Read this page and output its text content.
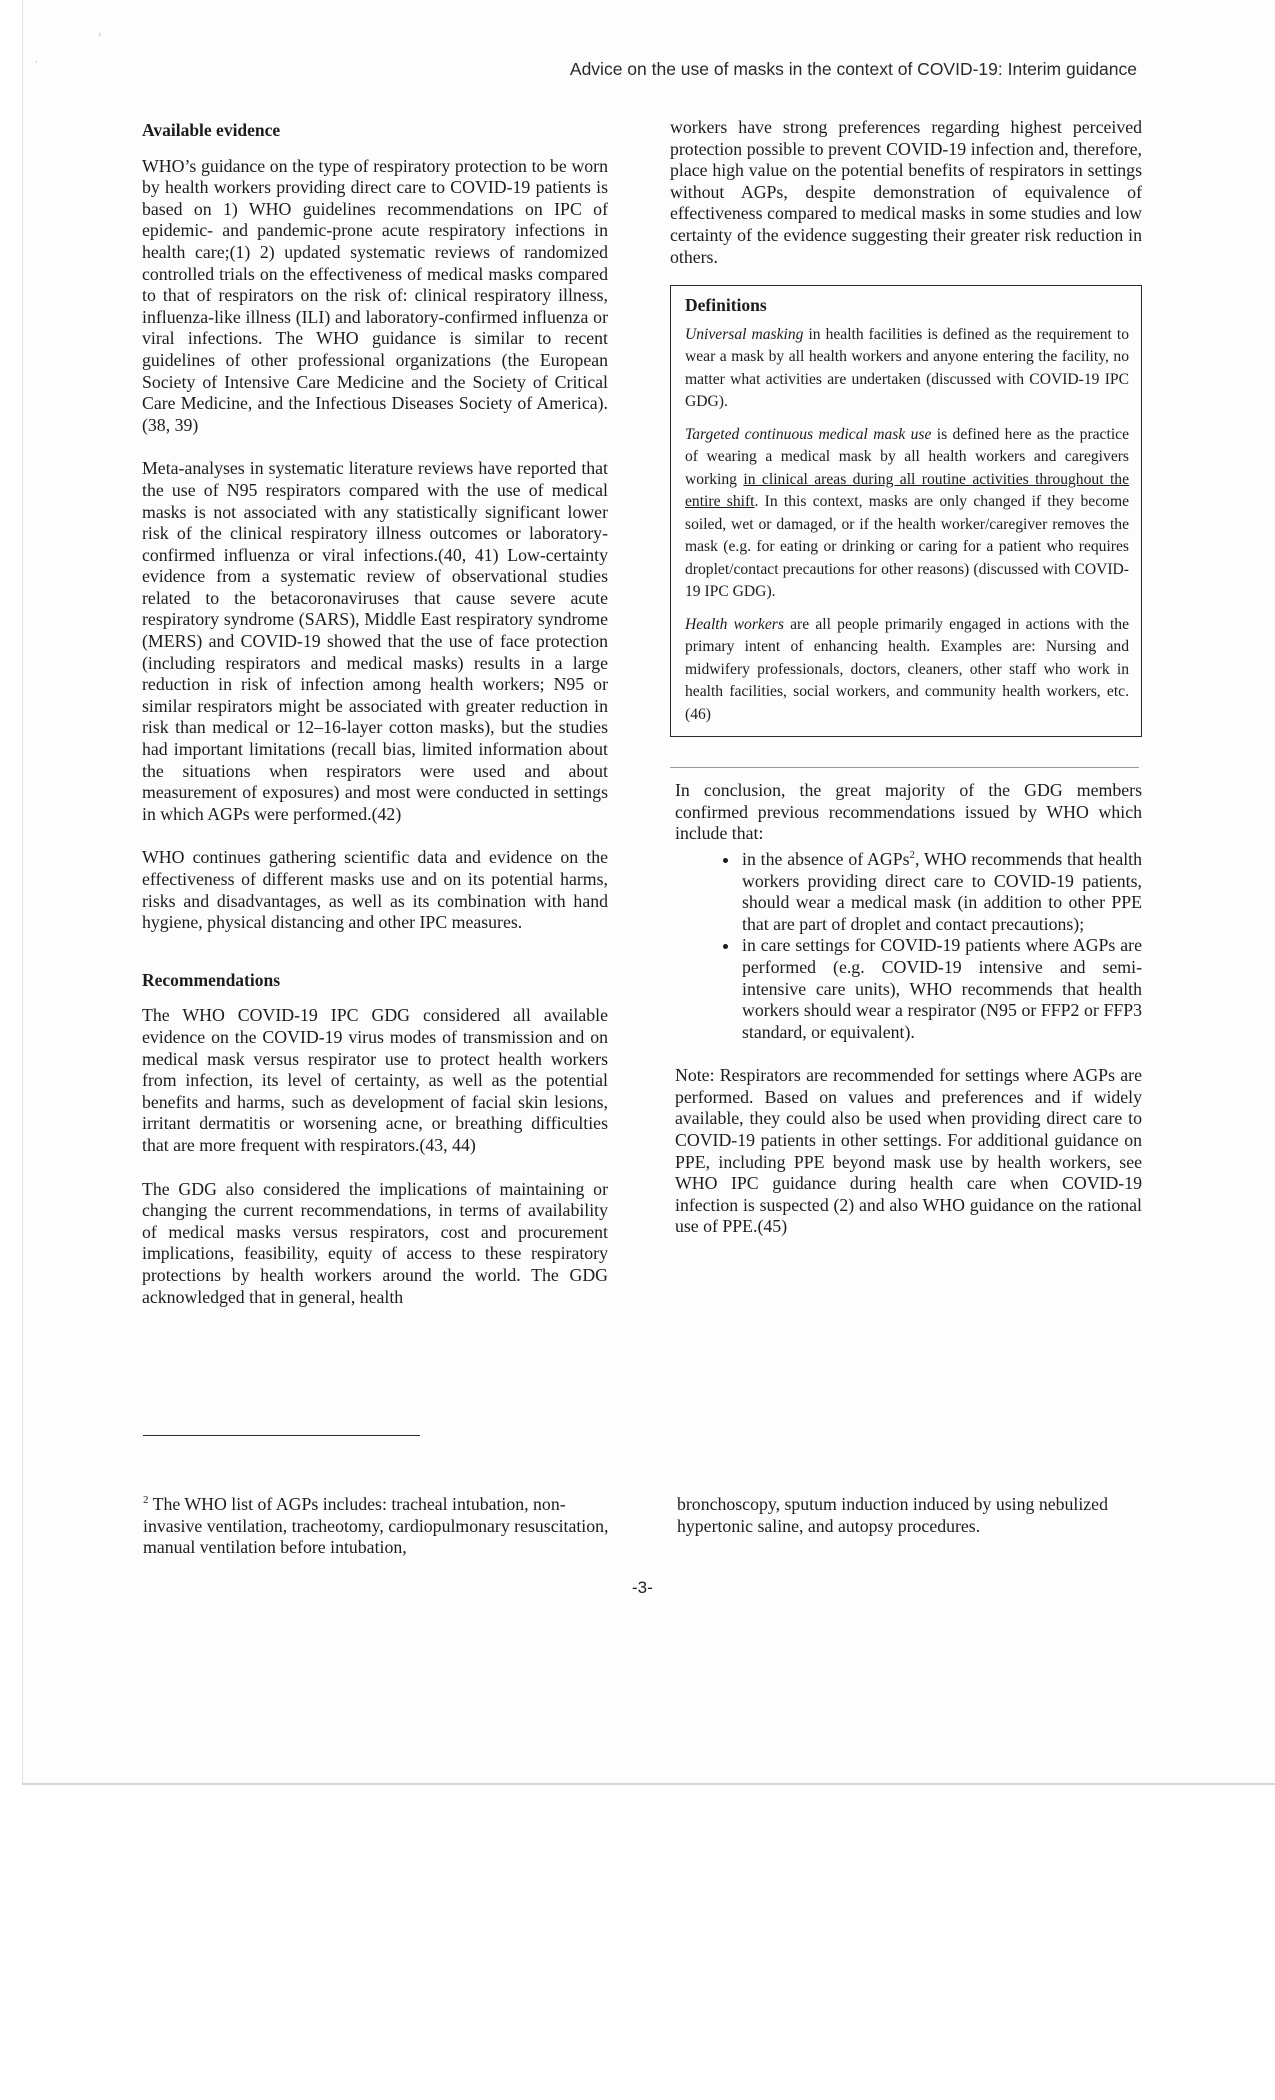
'
›
Advice on the use of masks in the context of COVID-19: Interim guidance
Available evidence

WHO’s guidance on the type of respiratory protection to be worn by health workers providing direct care to COVID-19 patients is based on 1) WHO guidelines recommendations on IPC of epidemic- and pandemic-prone acute respiratory infections in health care;(1) 2) updated systematic reviews of randomized controlled trials on the effectiveness of medical masks compared to that of respirators on the risk of: clinical respiratory illness, influenza-like illness (ILI) and laboratory-confirmed influenza or viral infections. The WHO guidance is similar to recent guidelines of other professional organizations (the European Society of Intensive Care Medicine and the Society of Critical Care Medicine, and the Infectious Diseases Society of America).(38, 39)

Meta-analyses in systematic literature reviews have reported that the use of N95 respirators compared with the use of medical masks is not associated with any statistically significant lower risk of the clinical respiratory illness outcomes or laboratory-confirmed influenza or viral infections.(40, 41) Low-certainty evidence from a systematic review of observational studies related to the betacoronaviruses that cause severe acute respiratory syndrome (SARS), Middle East respiratory syndrome (MERS) and COVID-19 showed that the use of face protection (including respirators and medical masks) results in a large reduction in risk of infection among health workers; N95 or similar respirators might be associated with greater reduction in risk than medical or 12–16-layer cotton masks), but the studies had important limitations (recall bias, limited information about the situations when respirators were used and about measurement of exposures) and most were conducted in settings in which AGPs were performed.(42)

WHO continues gathering scientific data and evidence on the effectiveness of different masks use and on its potential harms, risks and disadvantages, as well as its combination with hand hygiene, physical distancing and other IPC measures.

Recommendations

The WHO COVID-19 IPC GDG considered all available evidence on the COVID-19 virus modes of transmission and on medical mask versus respirator use to protect health workers from infection, its level of certainty, as well as the potential benefits and harms, such as development of facial skin lesions, irritant dermatitis or worsening acne, or breathing difficulties that are more frequent with respirators.(43, 44)

The GDG also considered the implications of maintaining or changing the current recommendations, in terms of availability of medical masks versus respirators, cost and procurement implications, feasibility, equity of access to these respiratory protections by health workers around the world. The GDG acknowledged that in general, health

workers have strong preferences regarding highest perceived protection possible to prevent COVID-19 infection and, therefore, place high value on the potential benefits of respirators in settings without AGPs, despite demonstration of equivalence of effectiveness compared to medical masks in some studies and low certainty of the evidence suggesting their greater risk reduction in others.

Definitions

Universal masking in health facilities is defined as the requirement to wear a mask by all health workers and anyone entering the facility, no matter what activities are undertaken (discussed with COVID-19 IPC GDG).

Targeted continuous medical mask use is defined here as the practice of wearing a medical mask by all health workers and caregivers working in clinical areas during all routine activities throughout the entire shift. In this context, masks are only changed if they become soiled, wet or damaged, or if the health worker/caregiver removes the mask (e.g. for eating or drinking or caring for a patient who requires droplet/contact precautions for other reasons) (discussed with COVID-19 IPC GDG).

Health workers are all people primarily engaged in actions with the primary intent of enhancing health. Examples are: Nursing and midwifery professionals, doctors, cleaners, other staff who work in health facilities, social workers, and community health workers, etc. (46)

In conclusion, the great majority of the GDG members confirmed previous recommendations issued by WHO which include that:

• in the absence of AGPs$^2$, WHO recommends that health workers providing direct care to COVID-19 patients, should wear a medical mask (in addition to other PPE that are part of droplet and contact precautions);
• in care settings for COVID-19 patients where AGPs are performed (e.g. COVID-19 intensive and semi-intensive care units), WHO recommends that health workers should wear a respirator (N95 or FFP2 or FFP3 standard, or equivalent).

Note: Respirators are recommended for settings where AGPs are performed. Based on values and preferences and if widely available, they could also be used when providing direct care to COVID-19 patients in other settings. For additional guidance on PPE, including PPE beyond mask use by health workers, see WHO IPC guidance during health care when COVID-19 infection is suspected (2) and also WHO guidance on the rational use of PPE.(45)

$^2$ The WHO list of AGPs includes: tracheal intubation, non-invasive ventilation, tracheotomy, cardiopulmonary resuscitation, manual ventilation before intubation,
bronchoscopy, sputum induction induced by using nebulized hypertonic saline, and autopsy procedures.
-3-
